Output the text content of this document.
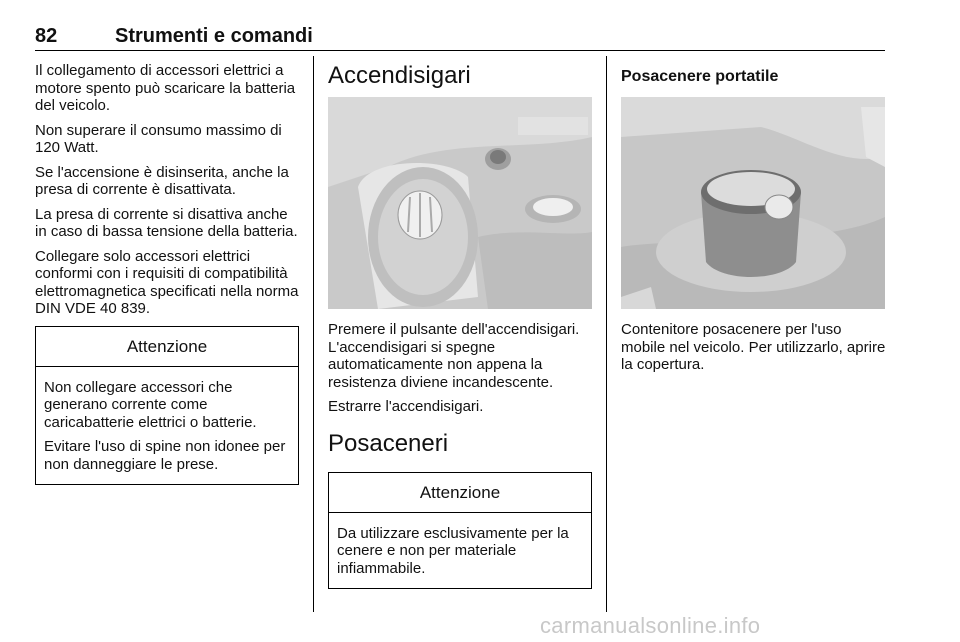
82	Strumenti e comandi

Il collegamento di accessori elettrici a motore spento può scaricare la batteria del veicolo.

Non superare il consumo massimo di 120 Watt.

Se l'accensione è disinserita, anche la presa di corrente è disattivata.

La presa di corrente si disattiva anche in caso di bassa tensione della batteria.

Collegare solo accessori elettrici conformi con i requisiti di compatibilità elettromagnetica specificati nella norma DIN VDE 40 839.

Attenzione

Non collegare accessori che generano corrente come caricabatterie elettrici o batterie.

Evitare l'uso di spine non idonee per non danneggiare le prese.

Accendisigari

Premere il pulsante dell'accendisigari. L'accendisigari si spegne automaticamente non appena la resistenza diviene incandescente.

Estrarre l'accendisigari.

Posaceneri
Attenzione

Da utilizzare esclusivamente per la cenere e non per materiale infiammabile.

Posacenere portatile

Contenitore posacenere per l'uso mobile nel veicolo. Per utilizzarlo, aprire la copertura.

carmanualsonline.info
